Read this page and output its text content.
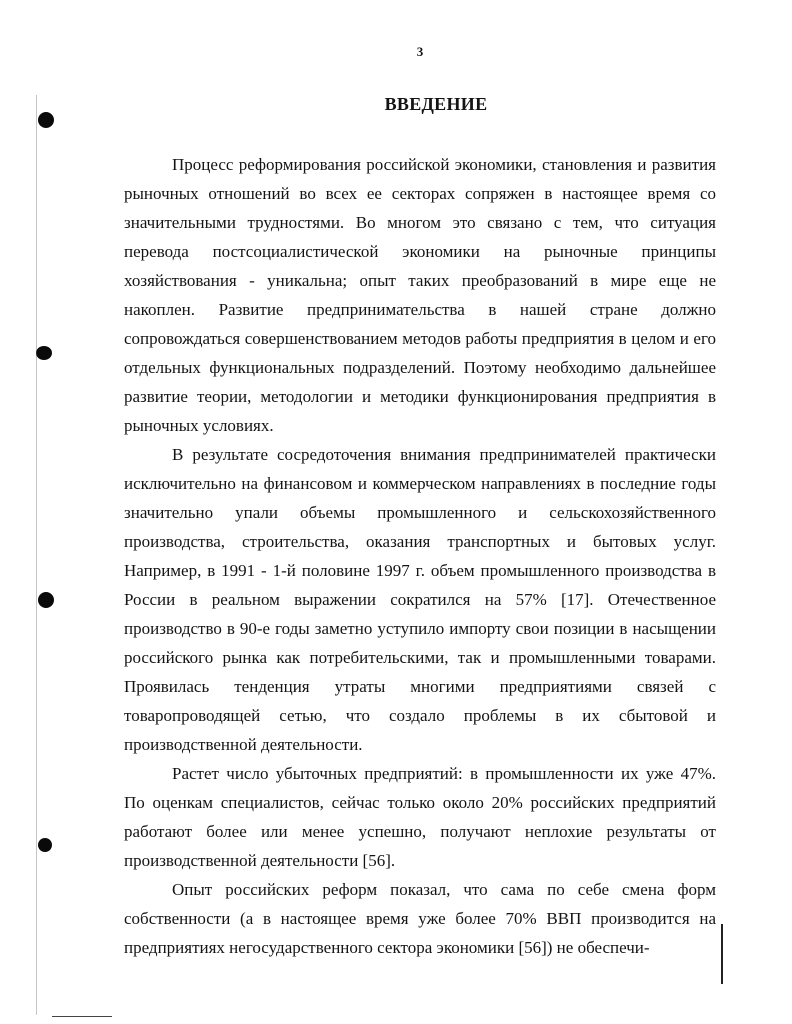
3
ВВЕДЕНИЕ

Процесс реформирования российской экономики, становления и развития рыночных отношений во всех ее секторах сопряжен в настоящее время со значительными трудностями. Во многом это связано с тем, что ситуация перевода постсоциалистической экономики на рыночные принципы хозяйствования - уникальна; опыт таких преобразований в мире еще не накоплен. Развитие предпринимательства в нашей стране должно сопровождаться совершенствованием методов работы предприятия в целом и его отдельных функциональных подразделений. Поэтому необходимо дальнейшее развитие теории, методологии и методики функционирования предприятия в рыночных условиях.

В результате сосредоточения внимания предпринимателей практически исключительно на финансовом и коммерческом направлениях в последние годы значительно упали объемы промышленного и сельскохозяйственного производства, строительства, оказания транспортных и бытовых услуг. Например, в 1991 - 1-й половине 1997 г. объем промышленного производства в России в реальном выражении сократился на 57% [17]. Отечественное производство в 90-е годы заметно уступило импорту свои позиции в насыщении российского рынка как потребительскими, так и промышленными товарами. Проявилась тенденция утраты многими предприятиями связей с товаропроводящей сетью, что создало проблемы в их сбытовой и производственной деятельности.

Растет число убыточных предприятий: в промышленности их уже 47%. По оценкам специалистов, сейчас только около 20% российских предприятий работают более или менее успешно, получают неплохие результаты от производственной деятельности [56].

Опыт российских реформ показал, что сама по себе смена форм собственности (а в настоящее время уже более 70% ВВП производится на предприятиях негосударственного сектора экономики [56]) не обеспечи-
